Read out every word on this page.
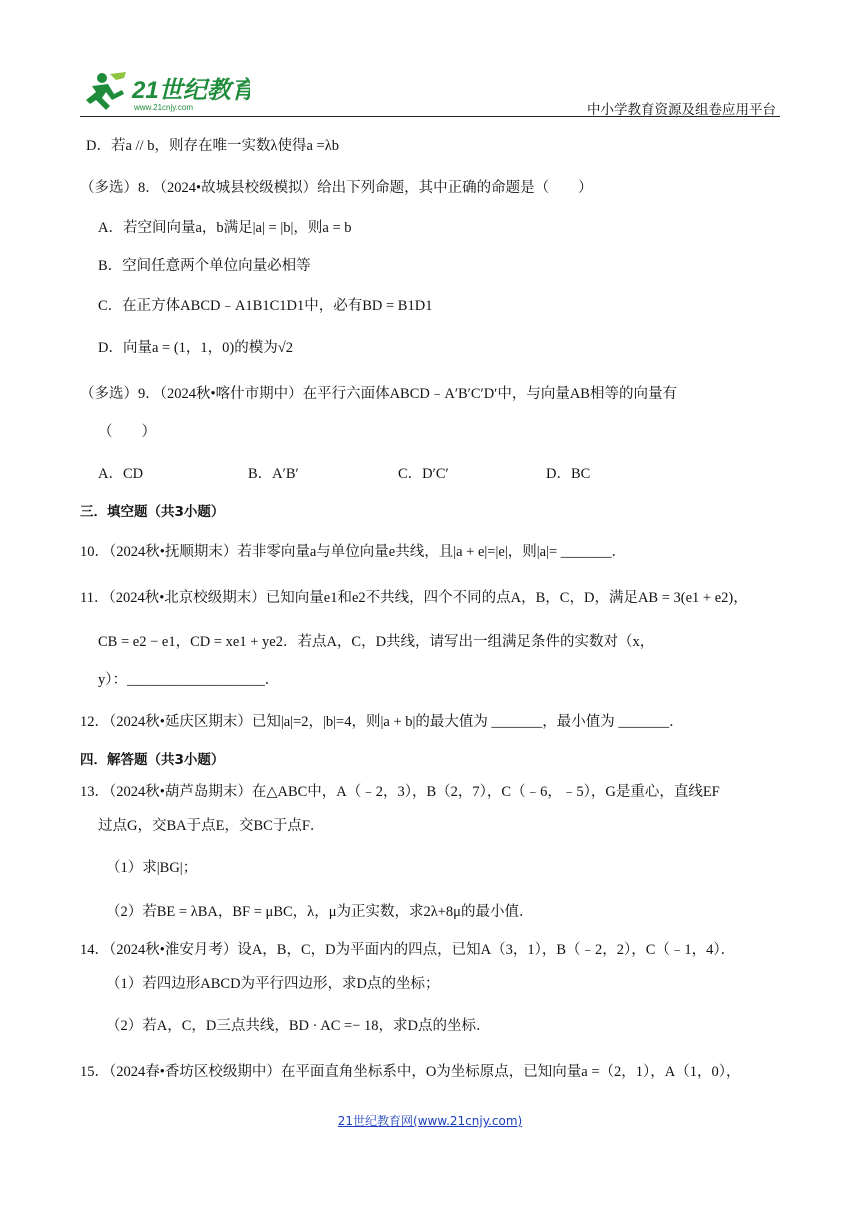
21世纪教育
www.21cnjy.com	中小学教育资源及组卷应用平台
D．若a // b，则存在唯一实数λ使得a =λb
（多选）8．（2024•故城县校级模拟）给出下列命题，其中正确的命题是（　　）
A．若空间向量a，b满足|a| = |b|，则a = b
B．空间任意两个单位向量必相等
C．在正方体ABCD﹣A1B1C1D1中，必有BD = B1D1
D．向量a = (1，1，0)的模为√2
（多选）9．（2024秋•喀什市期中）在平行六面体ABCD﹣A′B′C′D′中，与向量AB相等的向量有
（　　）
A．CD	B．A′B′	C．D′C′	D．BC
三．填空题（共3小题）
10．（2024秋•抚顺期末）若非零向量a与单位向量e共线，且|a + e|=|e|，则|a|= _______．
11．（2024秋•北京校级期末）已知向量e1和e2不共线，四个不同的点A，B，C，D，满足AB = 3(e1 + e2)，
CB = e2 − e1，CD = xe1 + ye2．若点A，C，D共线，请写出一组满足条件的实数对（x，
y）：___________________．
12．（2024秋•延庆区期末）已知|a|=2，|b|=4，则|a + b|的最大值为 _______，最小值为 _______．
四．解答题（共3小题）
13．（2024秋•葫芦岛期末）在△ABC中，A（﹣2，3），B（2，7），C（﹣6，﹣5），G是重心，直线EF
过点G，交BA于点E，交BC于点F．
（1）求|BG|；
（2）若BE = λBA，BF = μBC，λ，μ为正实数，求2λ+8μ的最小值．
14．（2024秋•淮安月考）设A，B，C，D为平面内的四点，已知A（3，1），B（﹣2，2），C（﹣1，4）．
（1）若四边形ABCD为平行四边形，求D点的坐标；
（2）若A，C，D三点共线，BD · AC =− 18，求D点的坐标．
15．（2024春•香坊区校级期中）在平面直角坐标系中，O为坐标原点，已知向量a =（2，1），A（1，0），
21世纪教育网(www.21cnjy.com)
